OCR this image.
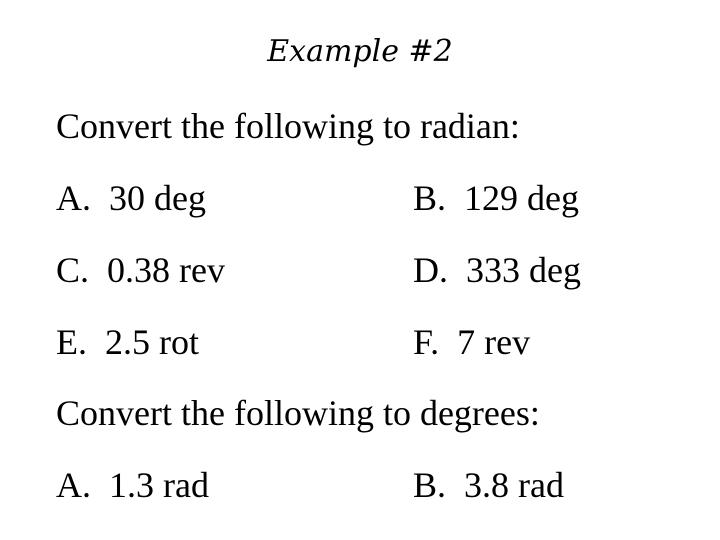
Example #2
Convert the following to radian:
A. 30 deg	B. 129 deg
C. 0.38 rev	D. 333 deg
E. 2.5 rot	F. 7 rev
Convert the following to degrees:
A. 1.3 rad	B. 3.8 rad
